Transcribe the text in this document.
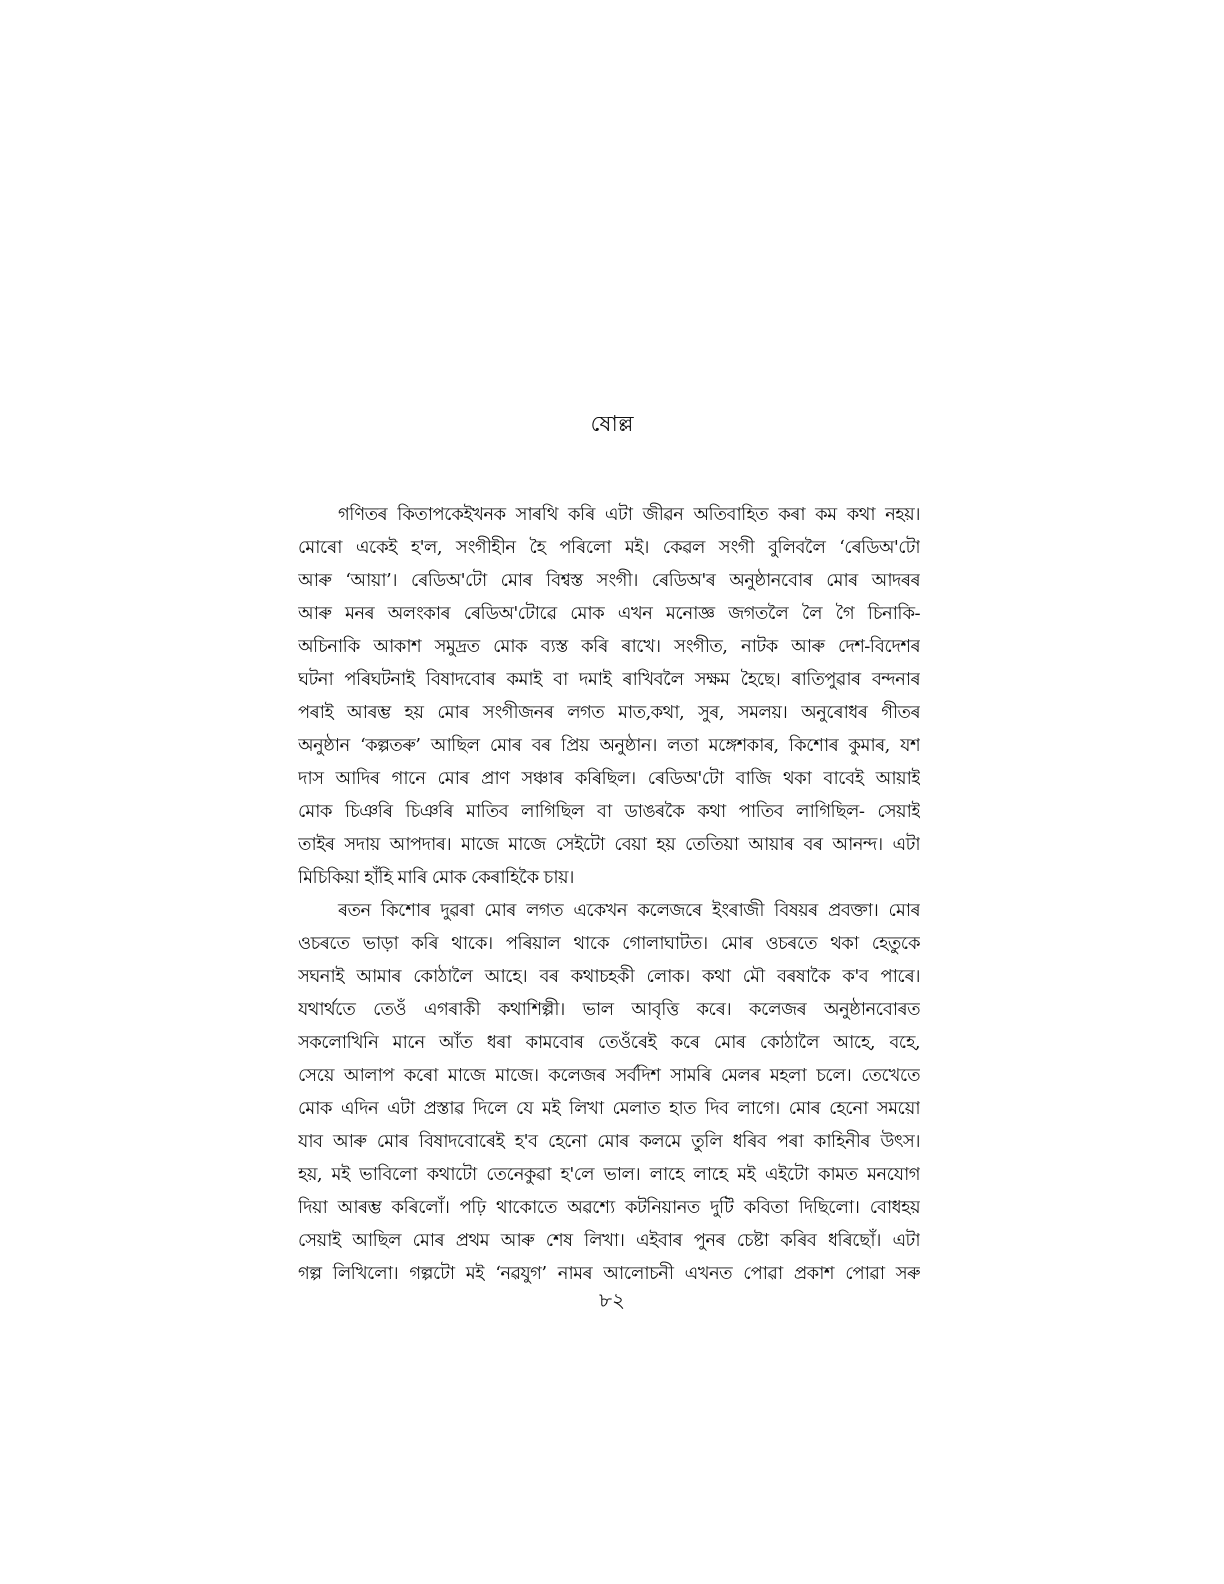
ষোল্ল
গণিতৰ কিতাপকেইখনক সাৰথি কৰি এটা জীৱন অতিবাহিত কৰা কম কথা নহয়।
মোৰো একেই হ'ল, সংগীহীন হৈ পৰিলো মই। কেৱল সংগী বুলিবলৈ ‘ৰেডিঅ'টো
আৰু ‘আয়া’। ৰেডিঅ'টো মোৰ বিশ্বস্ত সংগী। ৰেডিঅ'ৰ অনুষ্ঠানবোৰ মোৰ আদৰৰ
আৰু মনৰ অলংকাৰ ৰেডিঅ'টোৱে মোক এখন মনোজ্ঞ জগতলৈ লৈ গৈ চিনাকি-
অচিনাকি আকাশ সমুদ্ৰত মোক ব্যস্ত কৰি ৰাখে। সংগীত, নাটক আৰু দেশ-বিদেশৰ
ঘটনা পৰিঘটনাই বিষাদবোৰ কমাই বা দমাই ৰাখিবলৈ সক্ষম হৈছে। ৰাতিপুৱাৰ বন্দনাৰ
পৰাই আৰম্ভ হয় মোৰ সংগীজনৰ লগত মাত,কথা, সুৰ, সমলয়। অনুৰোধৰ গীতৰ
অনুষ্ঠান ‘কল্পতৰু’ আছিল মোৰ বৰ প্ৰিয় অনুষ্ঠান। লতা মঙ্গেশকাৰ, কিশোৰ কুমাৰ, যশ
দাস আদিৰ গানে মোৰ প্ৰাণ সঞ্চাৰ কৰিছিল। ৰেডিঅ'টো বাজি থকা বাবেই আয়াই
মোক চিঞৰি চিঞৰি মাতিব লাগিছিল বা ডাঙৰকৈ কথা পাতিব লাগিছিল- সেয়াই
তাইৰ সদায় আপদাৰ। মাজে মাজে সেইটো বেয়া হয় তেতিয়া আয়াৰ বৰ আনন্দ। এটা
মিচিকিয়া হাঁহি মাৰি মোক কেৰাহিকৈ চায়।
ৰতন কিশোৰ দুৱৰা মোৰ লগত একেখন কলেজৰে ইংৰাজী বিষয়ৰ প্ৰবক্তা। মোৰ
ওচৰতে ভাড়া কৰি থাকে। পৰিয়াল থাকে গোলাঘাটত। মোৰ ওচৰতে থকা হেতুকে
সঘনাই আমাৰ কোঠালৈ আহে। বৰ কথাচহকী লোক। কথা মৌ বৰষাকৈ ক'ব পাৰে।
যথাৰ্থতে তেওঁ এগৰাকী কথাশিল্পী। ভাল আবৃত্তি কৰে। কলেজৰ অনুষ্ঠানবোৰত
সকলোখিনি মানে আঁত ধৰা কামবোৰ তেওঁৰেই কৰে মোৰ কোঠালৈ আহে, বহে,
সেয়ে আলাপ কৰো মাজে মাজে। কলেজৰ সৰ্বদিশ সামৰি মেলৰ মহলা চলে। তেখেতে
মোক এদিন এটা প্ৰস্তাৱ দিলে যে মই লিখা মেলাত হাত দিব লাগে। মোৰ হেনো সময়ো
যাব আৰু মোৰ বিষাদবোৰেই হ'ব হেনো মোৰ কলমে তুলি ধৰিব পৰা কাহিনীৰ উৎস।
হয়, মই ভাবিলো কথাটো তেনেকুৱা হ'লে ভাল। লাহে লাহে মই এইটো কামত মনযোগ
দিয়া আৰম্ভ কৰিলোঁ। পঢ়ি থাকোতে অৱশ্যে কটনিয়ানত দুটি কবিতা দিছিলো। বোধহয়
সেয়াই আছিল মোৰ প্ৰথম আৰু শেষ লিখা। এইবাৰ পুনৰ চেষ্টা কৰিব ধৰিছোঁ। এটা
গল্প লিখিলো। গল্পটো মই ‘নৱযুগ’ নামৰ আলোচনী এখনত পোৱা প্ৰকাশ পোৱা সৰু
৮২
